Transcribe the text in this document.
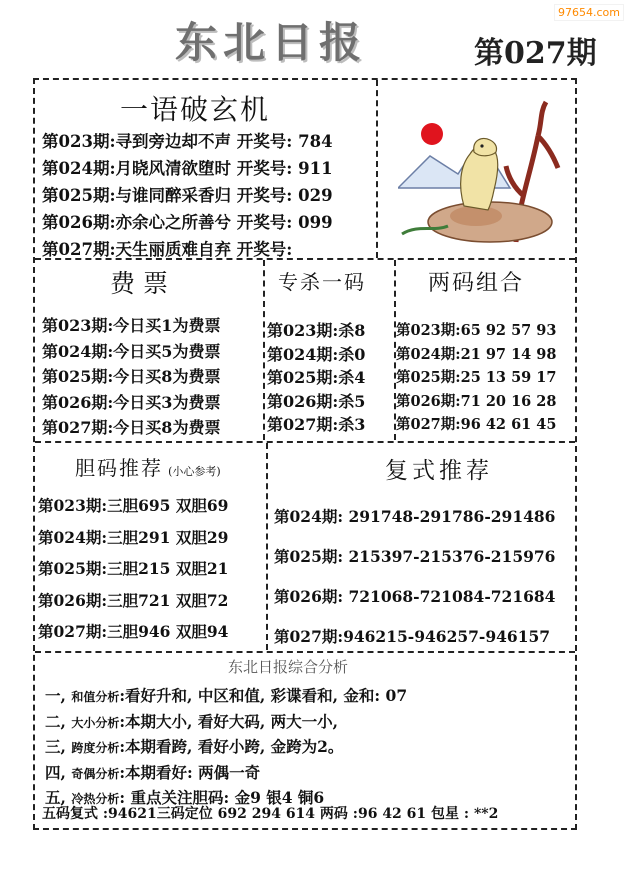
97654.com
东北日报	第027期
一语破玄机
第023期:寻到旁边却不声 开奖号: 784
第024期:月晓风清欲堕时 开奖号: 911
第025期:与谁同醉采香归 开奖号: 029
第026期:亦余心之所善兮 开奖号: 099
第027期:天生丽质难自弃 开奖号:
费票
第023期:今日买1为费票
第024期:今日买5为费票
第025期:今日买8为费票
第026期:今日买3为费票
第027期:今日买8为费票
专杀一码
第023期:杀8
第024期:杀0
第025期:杀4
第026期:杀5
第027期:杀3
两码组合
第023期:65 92 57 93
第024期:21 97 14 98
第025期:25 13 59 17
第026期:71 20 16 28
第027期:96 42 61 45
胆码推荐 (小心参考)
第023期:三胆695 双胆69
第024期:三胆291 双胆29
第025期:三胆215 双胆21
第026期:三胆721 双胆72
第027期:三胆946 双胆94
复式推荐
第024期: 291748-291786-291486
第025期: 215397-215376-215976
第026期: 721068-721084-721684
第027期:946215-946257-946157
东北日报综合分析
一, 和值分析:看好升和, 中区和值, 彩谍看和, 金和: 07
二, 大小分析:本期大小, 看好大码, 两大一小,
三, 跨度分析:本期看跨, 看好小跨, 金跨为2。
四, 奇偶分析:本期看好: 两偶一奇
五, 冷热分析: 重点关注胆码: 金9 银4 铜6
五码复式 :94621三码定位 692 294 614 两码 :96 42 61 包星 : **2
